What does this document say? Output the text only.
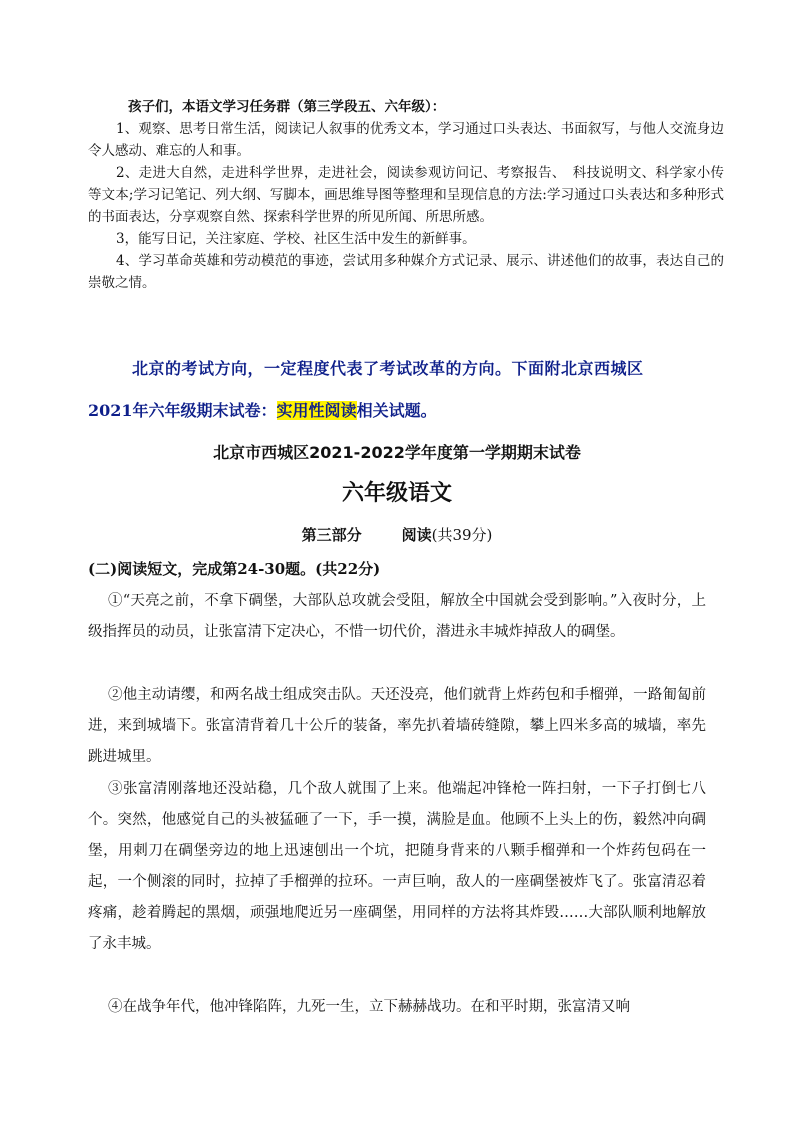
孩子们，本语文学习任务群（第三学段五、六年级）：

1、观察、思考日常生活，阅读记人叙事的优秀文本，学习通过口头表达、书面叙写，与他人交流身边令人感动、难忘的人和事。

2、走进大自然，走进科学世界，走进社会，阅读参观访问记、考察报告、　科技说明文、科学家小传等文本;学习记笔记、列大纲、写脚本，画思维导图等整理和呈现信息的方法:学习通过口头表达和多种形式的书面表达，分享观察自然、探索科学世界的所见所闻、所思所感。

3，能写日记，关注家庭、学校、社区生活中发生的新鲜事。

4、学习革命英雄和劳动模范的事迹，尝试用多种媒介方式记录、展示、讲述他们的故事，表达自己的崇敬之情。

北京的考试方向，一定程度代表了考试改革的方向。下面附北京西城区
2021年六年级期末试卷：实用性阅读相关试题。
北京市西城区2021-2022学年度第一学期期末试卷
六年级语文
第三部分	阅读(共39分)
(二)阅读短文，完成第24-30题。(共22分)

①“天亮之前，不拿下碉堡，大部队总攻就会受阻，解放全中国就会受到影响。”入夜时分，上级指挥员的动员，让张富清下定决心，不惜一切代价，潜进永丰城炸掉敌人的碉堡。

②他主动请缨，和两名战士组成突击队。天还没亮，他们就背上炸药包和手榴弹，一路匍匐前进，来到城墙下。张富清背着几十公斤的装备，率先扒着墙砖缝隙，攀上四米多高的城墙，率先跳进城里。

③张富清刚落地还没站稳，几个敌人就围了上来。他端起冲锋枪一阵扫射，一下子打倒七八个。突然，他感觉自己的头被猛砸了一下，手一摸，满脸是血。他顾不上头上的伤，毅然冲向碉堡，用刺刀在碉堡旁边的地上迅速刨出一个坑，把随身背来的八颗手榴弹和一个炸药包码在一起，一个侧滚的同时，拉掉了手榴弹的拉环。一声巨响，敌人的一座碉堡被炸飞了。张富清忍着疼痛，趁着腾起的黑烟，顽强地爬近另一座碉堡，用同样的方法将其炸毁……大部队顺利地解放了永丰城。

④在战争年代，他冲锋陷阵，九死一生，立下赫赫战功。在和平时期，张富清又响
